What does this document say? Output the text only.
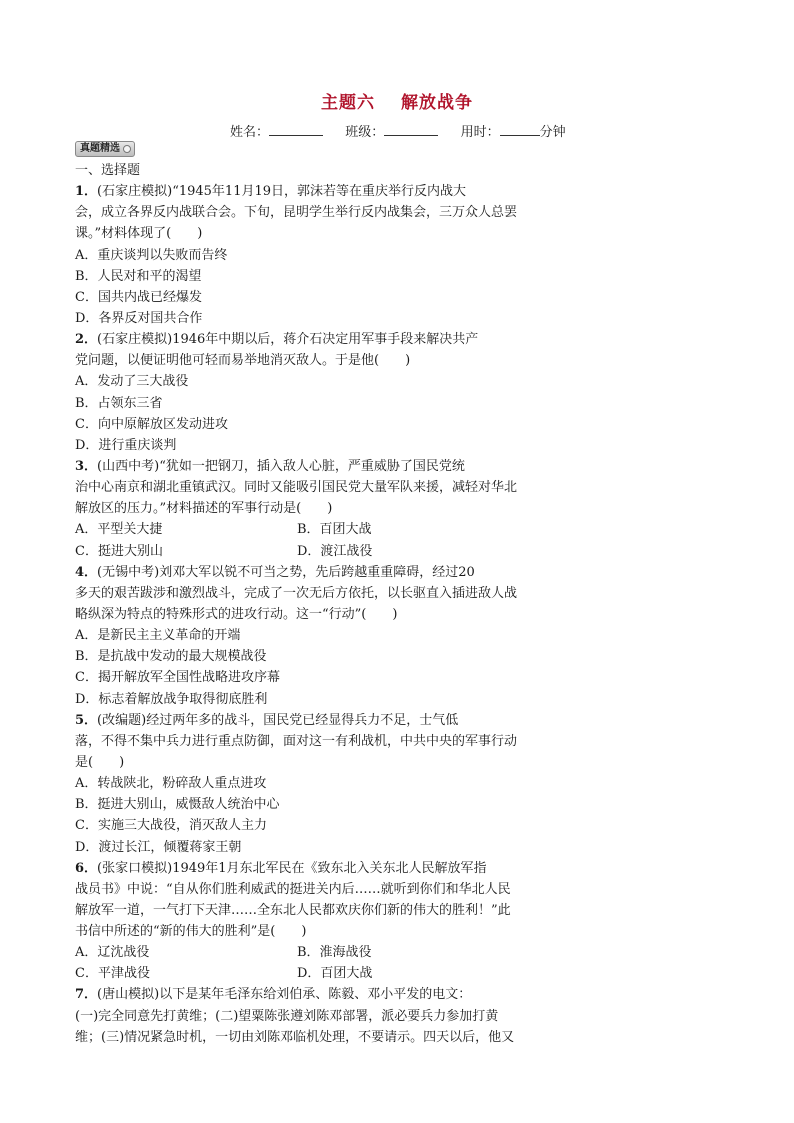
主题六 解放战争
姓名：	班级：	用时：	分钟
真题精选
一、选择题
1．(石家庄模拟)“1945年11月19日，郭沫若等在重庆举行反内战大
会，成立各界反内战联合会。下旬，昆明学生举行反内战集会，三万众人总罢
课。”材料体现了(　　)
A．重庆谈判以失败而告终
B．人民对和平的渴望
C．国共内战已经爆发
D．各界反对国共合作
2．(石家庄模拟)1946年中期以后，蒋介石决定用军事手段来解决共产
党问题，以便证明他可轻而易举地消灭敌人。于是他(　　)
A．发动了三大战役
B．占领东三省
C．向中原解放区发动进攻
D．进行重庆谈判
3．(山西中考)“犹如一把钢刀，插入敌人心脏，严重威胁了国民党统
治中心南京和湖北重镇武汉。同时又能吸引国民党大量军队来援，减轻对华北
解放区的压力。”材料描述的军事行动是(　　)
A．平型关大捷	B．百团大战
C．挺进大别山	D．渡江战役
4．(无锡中考)刘邓大军以锐不可当之势，先后跨越重重障碍，经过20
多天的艰苦跋涉和激烈战斗，完成了一次无后方依托，以长驱直入插进敌人战
略纵深为特点的特殊形式的进攻行动。这一“行动”(　　)
A．是新民主主义革命的开端
B．是抗战中发动的最大规模战役
C．揭开解放军全国性战略进攻序幕
D．标志着解放战争取得彻底胜利
5．(改编题)经过两年多的战斗，国民党已经显得兵力不足，士气低
落，不得不集中兵力进行重点防御，面对这一有利战机，中共中央的军事行动
是(　　)
A．转战陕北，粉碎敌人重点进攻
B．挺进大别山，威慑敌人统治中心
C．实施三大战役，消灭敌人主力
D．渡过长江，倾覆蒋家王朝
6．(张家口模拟)1949年1月东北军民在《致东北入关东北人民解放军指
战员书》中说：“自从你们胜利威武的挺进关内后……就听到你们和华北人民
解放军一道，一气打下天津……全东北人民都欢庆你们新的伟大的胜利！”此
书信中所述的“新的伟大的胜利”是(　　)
A．辽沈战役	B．淮海战役
C．平津战役	D．百团大战
7．(唐山模拟)以下是某年毛泽东给刘伯承、陈毅、邓小平发的电文：
(一)完全同意先打黄维；(二)望粟陈张遵刘陈邓部署，派必要兵力参加打黄
维；(三)情况紧急时机，一切由刘陈邓临机处理，不要请示。四天以后，他又
